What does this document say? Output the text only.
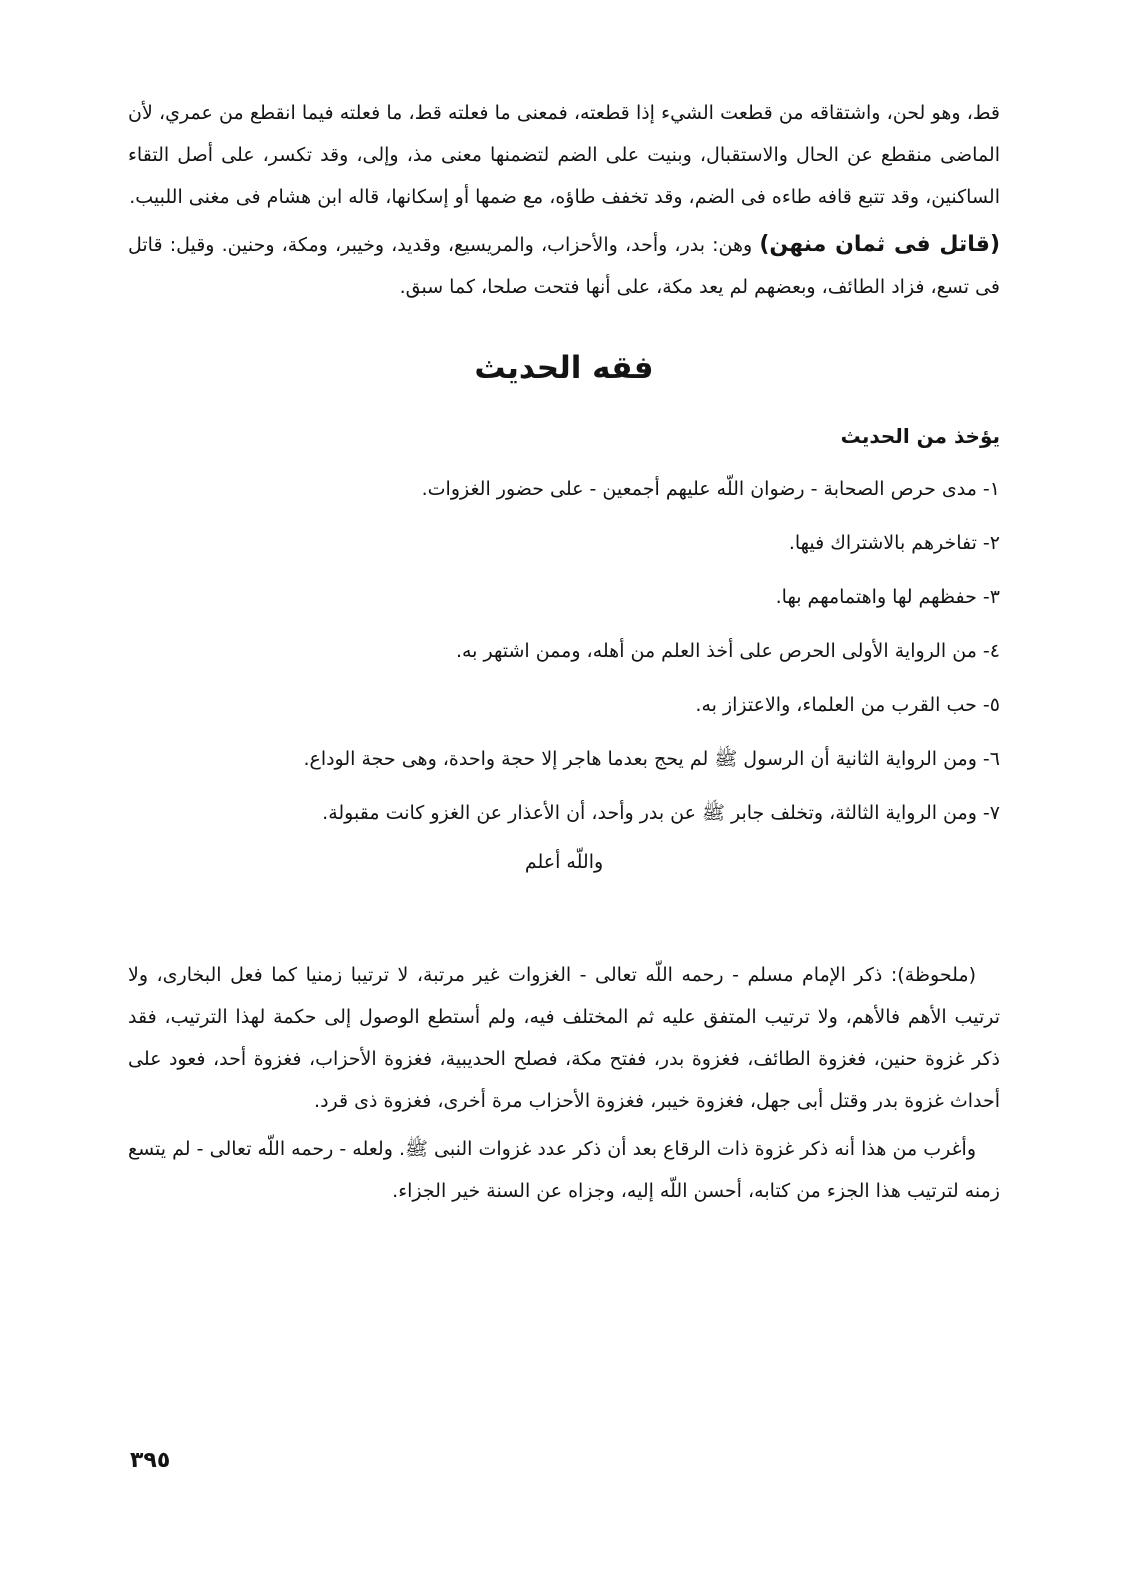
قط، وهو لحن، واشتقاقه من قطعت الشيء إذا قطعته، فمعنى ما فعلته قط، ما فعلته فيما انقطع من عمري، لأن الماضى منقطع عن الحال والاستقبال، وبنيت على الضم لتضمنها معنى مذ، وإلى، وقد تكسر، على أصل التقاء الساكنين، وقد تتبع قافه طاءه فى الضم، وقد تخفف طاؤه، مع ضمها أو إسكانها، قاله ابن هشام فى مغنى اللبيب.

(قاتل فى ثمان منهن) وهن: بدر، وأحد، والأحزاب، والمريسيع، وقديد، وخيبر، ومكة، وحنين. وقيل: قاتل فى تسع، فزاد الطائف، وبعضهم لم يعد مكة، على أنها فتحت صلحا، كما سبق.

فقه الحديث
يؤخذ من الحديث
١- مدى حرص الصحابة - رضوان اللّه عليهم أجمعين - على حضور الغزوات.
٢- تفاخرهم بالاشتراك فيها.
٣- حفظهم لها واهتمامهم بها.
٤- من الرواية الأولى الحرص على أخذ العلم من أهله، وممن اشتهر به.
٥- حب القرب من العلماء، والاعتزاز به.
٦- ومن الرواية الثانية أن الرسول ﷺ لم يحج بعدما هاجر إلا حجة واحدة، وهى حجة الوداع.
٧- ومن الرواية الثالثة، وتخلف جابر ﷺ عن بدر وأحد، أن الأعذار عن الغزو كانت مقبولة.

واللّه أعلم

(ملحوظة): ذكر الإمام مسلم - رحمه اللّه تعالى - الغزوات غير مرتبة، لا ترتيبا زمنيا كما فعل البخارى، ولا ترتيب الأهم فالأهم، ولا ترتيب المتفق عليه ثم المختلف فيه، ولم أستطع الوصول إلى حكمة لهذا الترتيب، فقد ذكر غزوة حنين، فغزوة الطائف، فغزوة بدر، ففتح مكة، فصلح الحديبية، فغزوة الأحزاب، فغزوة أحد، فعود على أحداث غزوة بدر وقتل أبى جهل، فغزوة خيبر، فغزوة الأحزاب مرة أخرى، فغزوة ذى قرد.

وأغرب من هذا أنه ذكر غزوة ذات الرقاع بعد أن ذكر عدد غزوات النبى ﷺ. ولعله - رحمه اللّه تعالى - لم يتسع زمنه لترتيب هذا الجزء من كتابه، أحسن اللّه إليه، وجزاه عن السنة خير الجزاء.

٣٩٥
